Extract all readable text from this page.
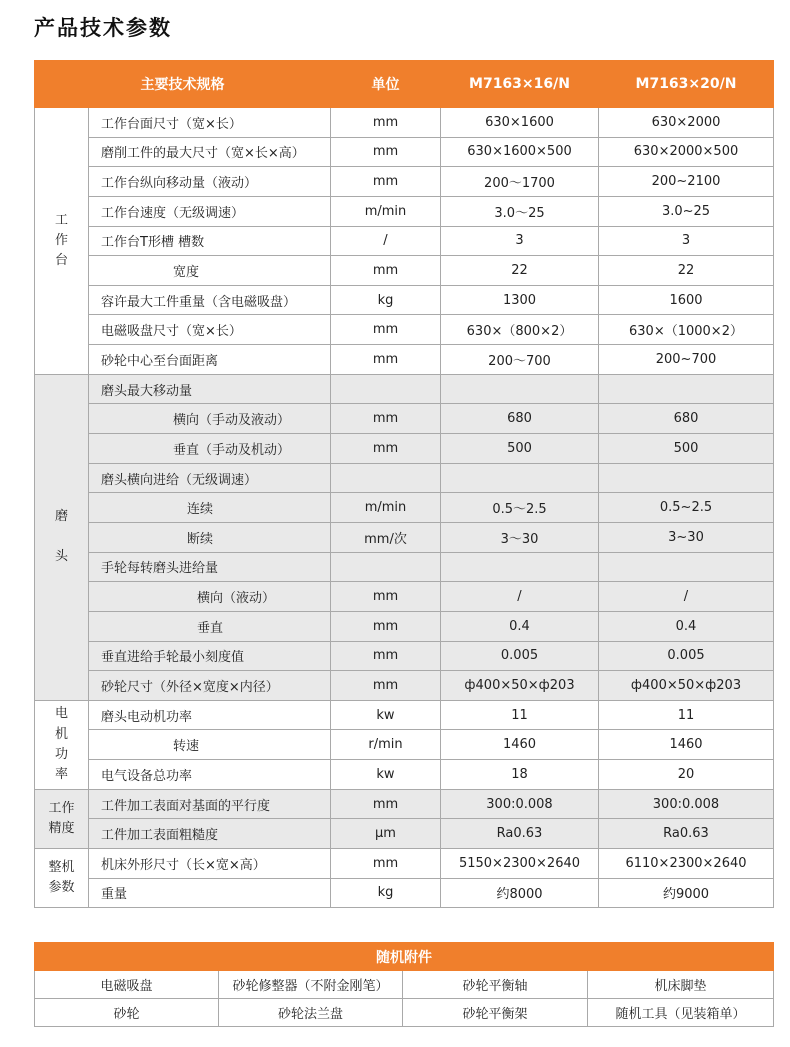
产品技术参数
主要技术规格		单位	M7163×16/N	M7163×20/N

工
作
台	工作台面尺寸（宽×长）	mm	630×1600	630×2000
	磨削工件的最大尺寸（宽×长×高）	mm	630×1600×500	630×2000×500
	工作台纵向移动量（液动）	mm	200〜1700	200~2100
	工作台速度（无级调速）	m/min	3.0〜25	3.0~25
	工作台T形槽 槽数	/	3	3
	宽度	mm	22	22
	容许最大工件重量（含电磁吸盘）	kg	1300	1600
	电磁吸盘尺寸（宽×长）	mm	630×（800×2）	630×（1000×2）
	砂轮中心至台面距离	mm	200〜700	200~700

磨

头	磨头最大移动量			
	横向（手动及液动）	mm	680	680
	垂直（手动及机动）	mm	500	500
	磨头横向进给（无级调速）			
	连续	m/min	0.5〜2.5	0.5~2.5
	断续	mm/次	3〜30	3~30
	手轮每转磨头进给量			
	横向（液动）	mm	/	/
	垂直	mm	0.4	0.4
	垂直进给手轮最小刻度值	mm	0.005	0.005
	砂轮尺寸（外径×宽度×内径）	mm	ф400×50×ф203	ф400×50×ф203

电
机
功
率	磨头电动机功率	kw	11	11
	转速	r/min	1460	1460
	电气设备总功率	kw	18	20

工作
精度	工件加工表面对基面的平行度	mm	300:0.008	300:0.008
	工件加工表面粗糙度	μm	Ra0.63	Ra0.63

整机
参数	机床外形尺寸（长×宽×高）	mm	5150×2300×2640	6110×2300×2640
	重量	kg	约8000	约9000
随机附件			
电磁吸盘	砂轮修整器（不附金刚笔）	砂轮平衡轴	机床脚垫
砂轮	砂轮法兰盘	砂轮平衡架	随机工具（见装箱单）
